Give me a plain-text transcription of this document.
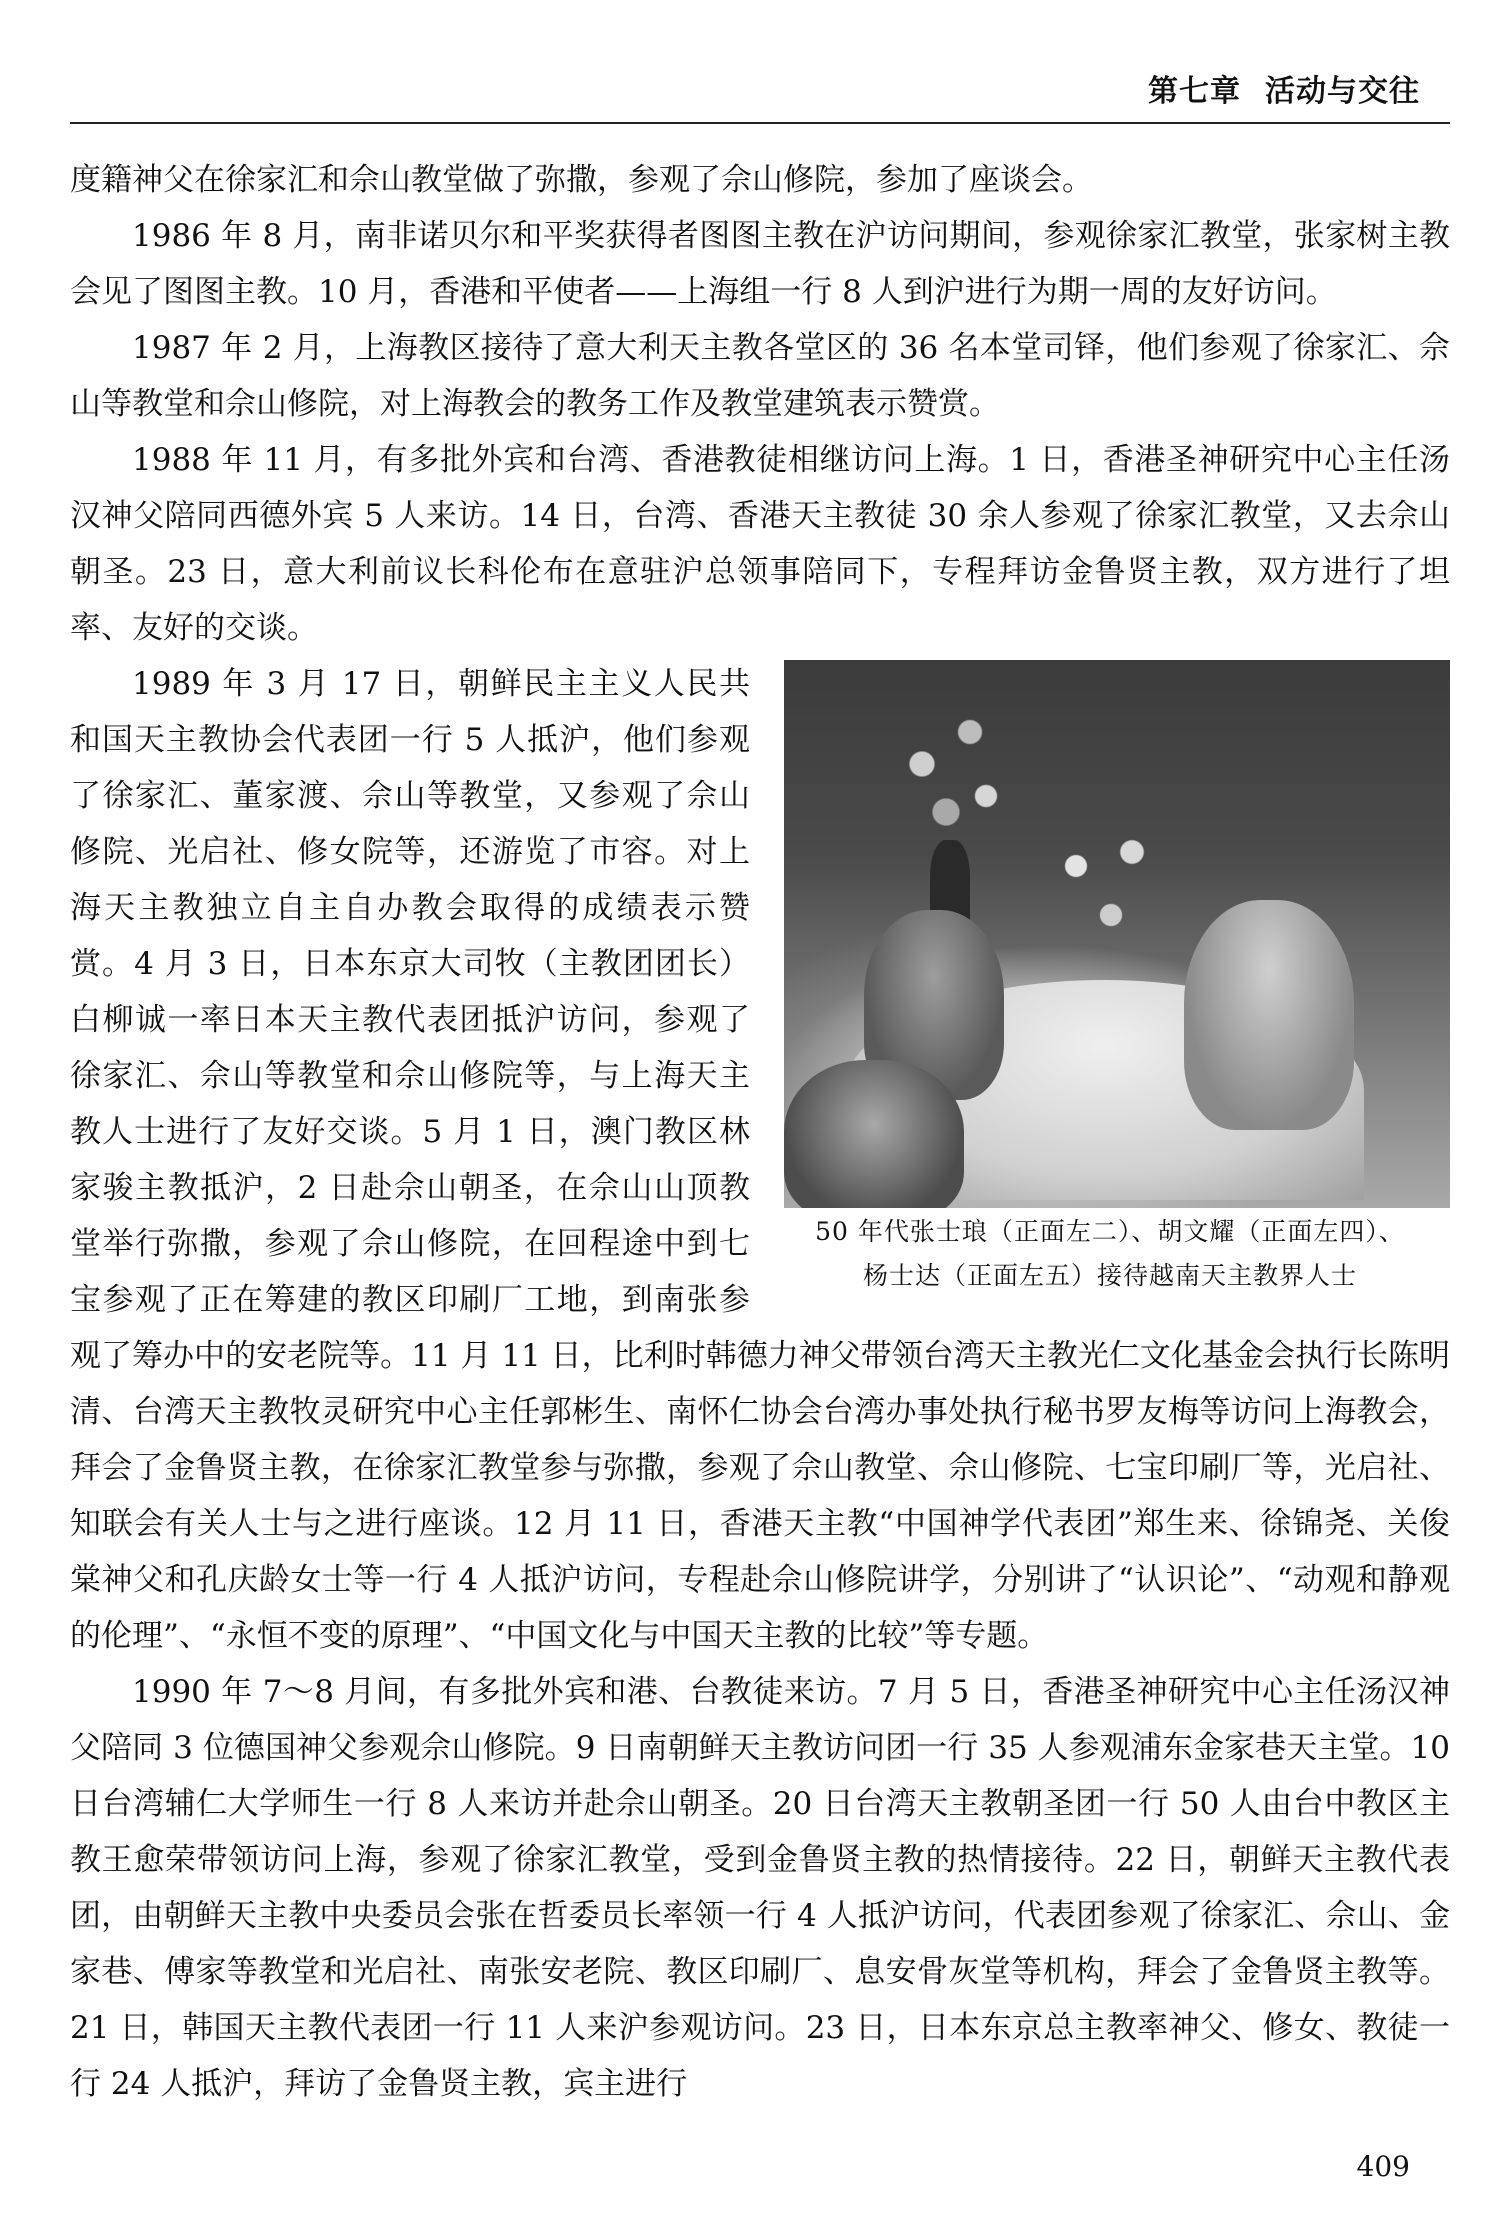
第七章 活动与交往

度籍神父在徐家汇和佘山教堂做了弥撒，参观了佘山修院，参加了座谈会。

1986 年 8 月，南非诺贝尔和平奖获得者图图主教在沪访问期间，参观徐家汇教堂，张家树主教会见了图图主教。10 月，香港和平使者——上海组一行 8 人到沪进行为期一周的友好访问。

1987 年 2 月，上海教区接待了意大利天主教各堂区的 36 名本堂司铎，他们参观了徐家汇、佘山等教堂和佘山修院，对上海教会的教务工作及教堂建筑表示赞赏。

1988 年 11 月，有多批外宾和台湾、香港教徒相继访问上海。1 日，香港圣神研究中心主任汤汉神父陪同西德外宾 5 人来访。14 日，台湾、香港天主教徒 30 余人参观了徐家汇教堂，又去佘山朝圣。23 日，意大利前议长科伦布在意驻沪总领事陪同下，专程拜访金鲁贤主教，双方进行了坦率、友好的交谈。

50 年代张士琅（正面左二）、胡文耀（正面左四）、
杨士达（正面左五）接待越南天主教界人士

1989 年 3 月 17 日，朝鲜民主主义人民共和国天主教协会代表团一行 5 人抵沪，他们参观了徐家汇、董家渡、佘山等教堂，又参观了佘山修院、光启社、修女院等，还游览了市容。对上海天主教独立自主自办教会取得的成绩表示赞赏。4 月 3 日，日本东京大司牧（主教团团长）白柳诚一率日本天主教代表团抵沪访问，参观了徐家汇、佘山等教堂和佘山修院等，与上海天主教人士进行了友好交谈。5 月 1 日，澳门教区林家骏主教抵沪，2 日赴佘山朝圣，在佘山山顶教堂举行弥撒，参观了佘山修院，在回程途中到七宝参观了正在筹建的教区印刷厂工地，到南张参观了筹办中的安老院等。11 月 11 日，比利时韩德力神父带领台湾天主教光仁文化基金会执行长陈明清、台湾天主教牧灵研究中心主任郭彬生、南怀仁协会台湾办事处执行秘书罗友梅等访问上海教会，拜会了金鲁贤主教，在徐家汇教堂参与弥撒，参观了佘山教堂、佘山修院、七宝印刷厂等，光启社、知联会有关人士与之进行座谈。12 月 11 日，香港天主教“中国神学代表团”郑生来、徐锦尧、关俊棠神父和孔庆龄女士等一行 4 人抵沪访问，专程赴佘山修院讲学，分别讲了“认识论”、“动观和静观的伦理”、“永恒不变的原理”、“中国文化与中国天主教的比较”等专题。

1990 年 7～8 月间，有多批外宾和港、台教徒来访。7 月 5 日，香港圣神研究中心主任汤汉神父陪同 3 位德国神父参观佘山修院。9 日南朝鲜天主教访问团一行 35 人参观浦东金家巷天主堂。10 日台湾辅仁大学师生一行 8 人来访并赴佘山朝圣。20 日台湾天主教朝圣团一行 50 人由台中教区主教王愈荣带领访问上海，参观了徐家汇教堂，受到金鲁贤主教的热情接待。22 日，朝鲜天主教代表团，由朝鲜天主教中央委员会张在哲委员长率领一行 4 人抵沪访问，代表团参观了徐家汇、佘山、金家巷、傅家等教堂和光启社、南张安老院、教区印刷厂、息安骨灰堂等机构，拜会了金鲁贤主教等。21 日，韩国天主教代表团一行 11 人来沪参观访问。23 日，日本东京总主教率神父、修女、教徒一行 24 人抵沪，拜访了金鲁贤主教，宾主进行

409
